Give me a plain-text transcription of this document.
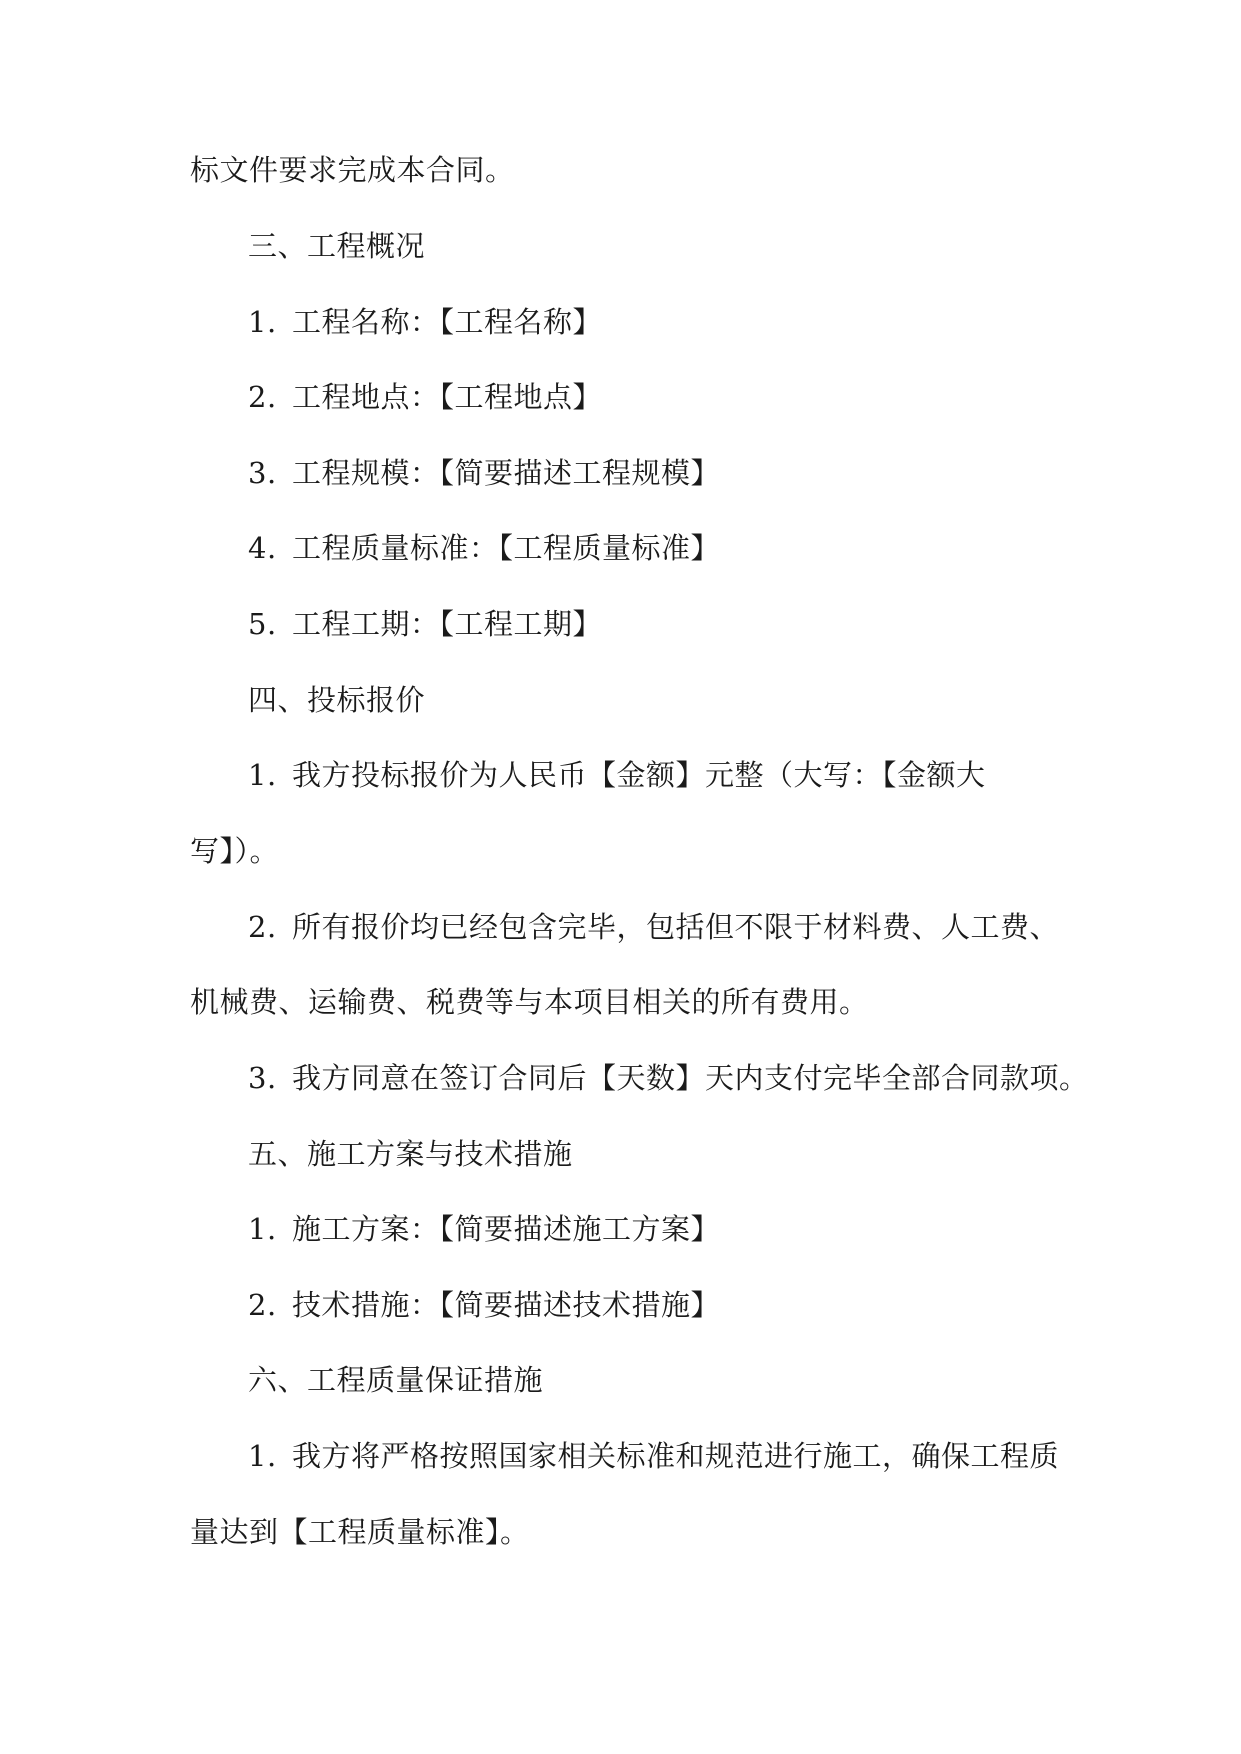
标文件要求完成本合同。
三、工程概况
1. 工程名称：【工程名称】
2. 工程地点：【工程地点】
3. 工程规模：【简要描述工程规模】
4. 工程质量标准：【工程质量标准】
5. 工程工期：【工程工期】
四、投标报价
1. 我方投标报价为人民币【金额】元整（大写：【金额大
写】）。
2. 所有报价均已经包含完毕，包括但不限于材料费、人工费、
机械费、运输费、税费等与本项目相关的所有费用。
3. 我方同意在签订合同后【天数】天内支付完毕全部合同款项。
五、施工方案与技术措施
1. 施工方案：【简要描述施工方案】
2. 技术措施：【简要描述技术措施】
六、工程质量保证措施
1. 我方将严格按照国家相关标准和规范进行施工，确保工程质
量达到【工程质量标准】。
